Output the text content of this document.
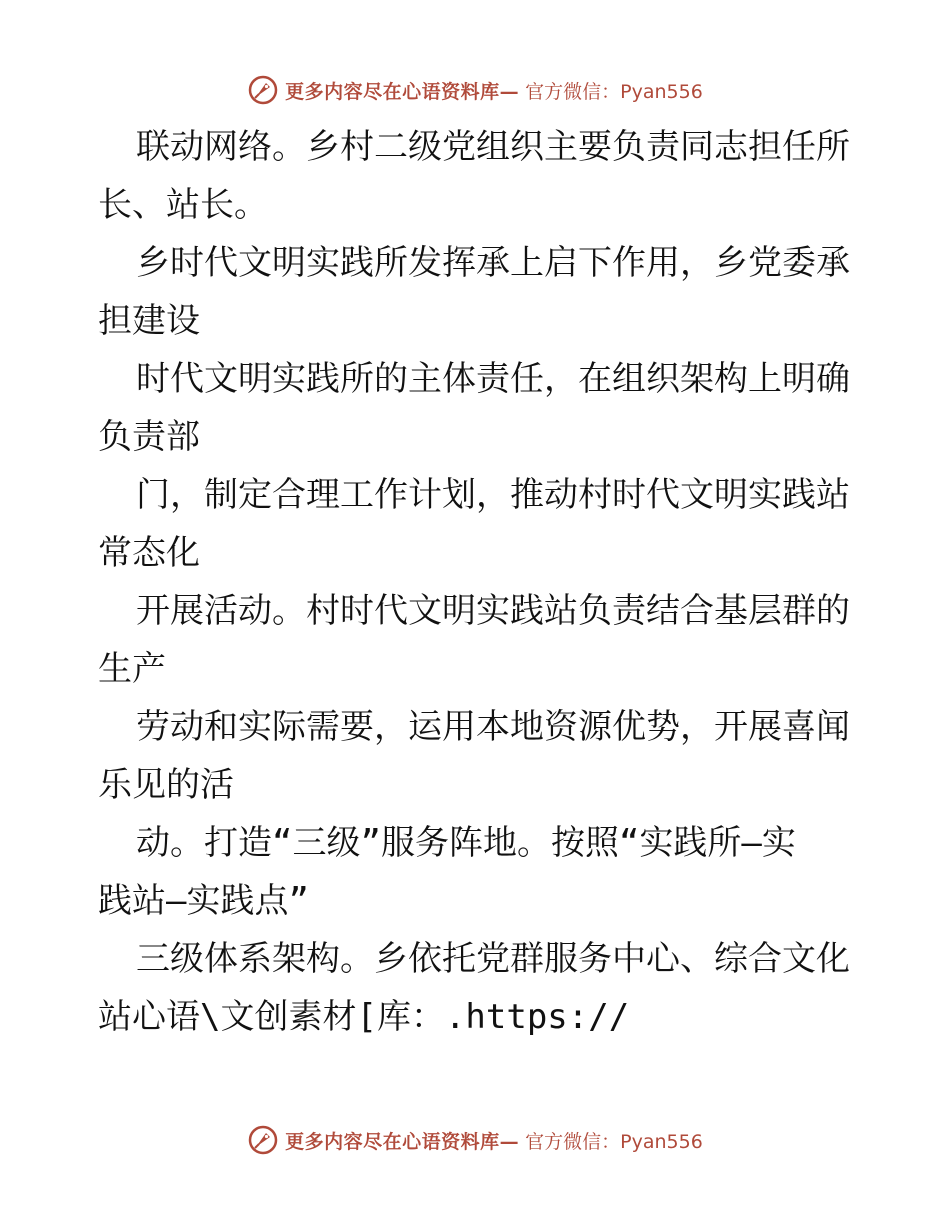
更多内容尽在心语资料库— 官方微信：Pyan556
联动网络。乡村二级党组织主要负责同志担任所
长、站长。
乡时代文明实践所发挥承上启下作用，乡党委承
担建设
时代文明实践所的主体责任，在组织架构上明确
负责部
门，制定合理工作计划，推动村时代文明实践站
常态化
开展活动。村时代文明实践站负责结合基层群的
生产
劳动和实际需要，运用本地资源优势，开展喜闻
乐见的活
动。打造“三级”服务阵地。按照“实践所—实
践站—实践点”
三级体系架构。乡依托党群服务中心、综合文化
站心语\文创素材[库：.https://
更多内容尽在心语资料库— 官方微信：Pyan556
